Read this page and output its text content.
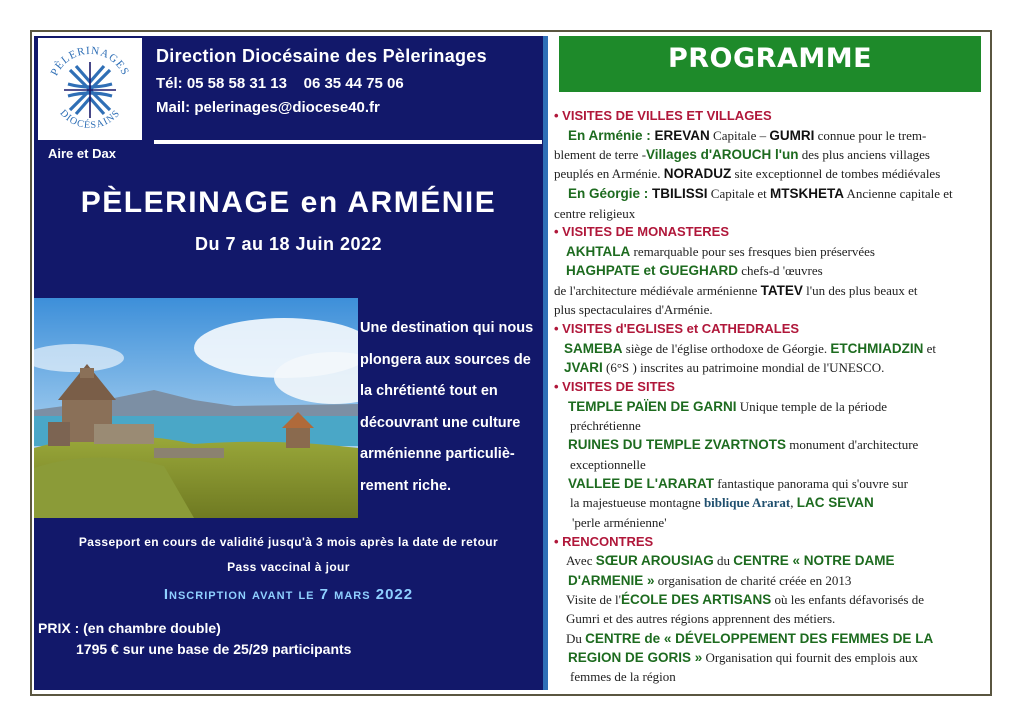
PÈLERINAGES
DIOCÉSAINS
Aire et Dax
Direction Diocésaine des Pèlerinages
Tél: 05 58 58 31 13    06 35 44 75 06
Mail: pelerinages@diocese40.fr
PÈLERINAGE en ARMÉNIE
Du 7 au 18 Juin 2022
Une destination qui nous
plongera aux sources de
la chrétienté tout en
découvrant une culture
arménienne particuliè-
rement riche.
Passeport en cours de validité jusqu'à 3 mois après la date de retour
Pass vaccinal à jour
Inscription avant le 7 mars 2022
PRIX : (en chambre double)
1795 € sur une base de 25/29 participants
PROGRAMME
• VISITES DE VILLES ET VILLAGES
En Arménie : EREVAN Capitale – GUMRI connue pour le trem-
blement de terre -Villages d'AROUCH l'un des plus anciens villages
peuplés en Arménie. NORADUZ site exceptionnel de tombes médiévales
En Géorgie : TBILISSI Capitale et MTSKHETA Ancienne capitale et
centre religieux
• VISITES DE MONASTERES
AKHTALA remarquable pour ses fresques bien préservées
HAGHPATE et GUEGHARD chefs-d 'œuvres
de l'architecture médiévale arménienne TATEV l'un des plus beaux et
plus spectaculaires d'Arménie.
• VISITES d'EGLISES et CATHEDRALES
SAMEBA siège de l'église orthodoxe de Géorgie. ETCHMIADZIN et
JVARI (6°S ) inscrites au patrimoine mondial de l'UNESCO.
• VISITES DE SITES
TEMPLE PAÏEN DE GARNI Unique temple de la période
préchrétienne
RUINES DU TEMPLE ZVARTNOTS monument d'architecture
exceptionnelle
VALLEE DE L'ARARAT fantastique panorama qui s'ouvre sur
la majestueuse montagne biblique Ararat, LAC SEVAN
'perle arménienne'
• RENCONTRES
Avec SŒUR AROUSIAG du CENTRE « NOTRE DAME
D'ARMENIE » organisation de charité créée en 2013
Visite de l'ÉCOLE DES ARTISANS où les enfants défavorisés de
Gumri et des autres régions apprennent des métiers.
Du CENTRE de « DÉVELOPPEMENT DES FEMMES DE LA
REGION DE GORIS » Organisation qui fournit des emplois aux
femmes de la région
